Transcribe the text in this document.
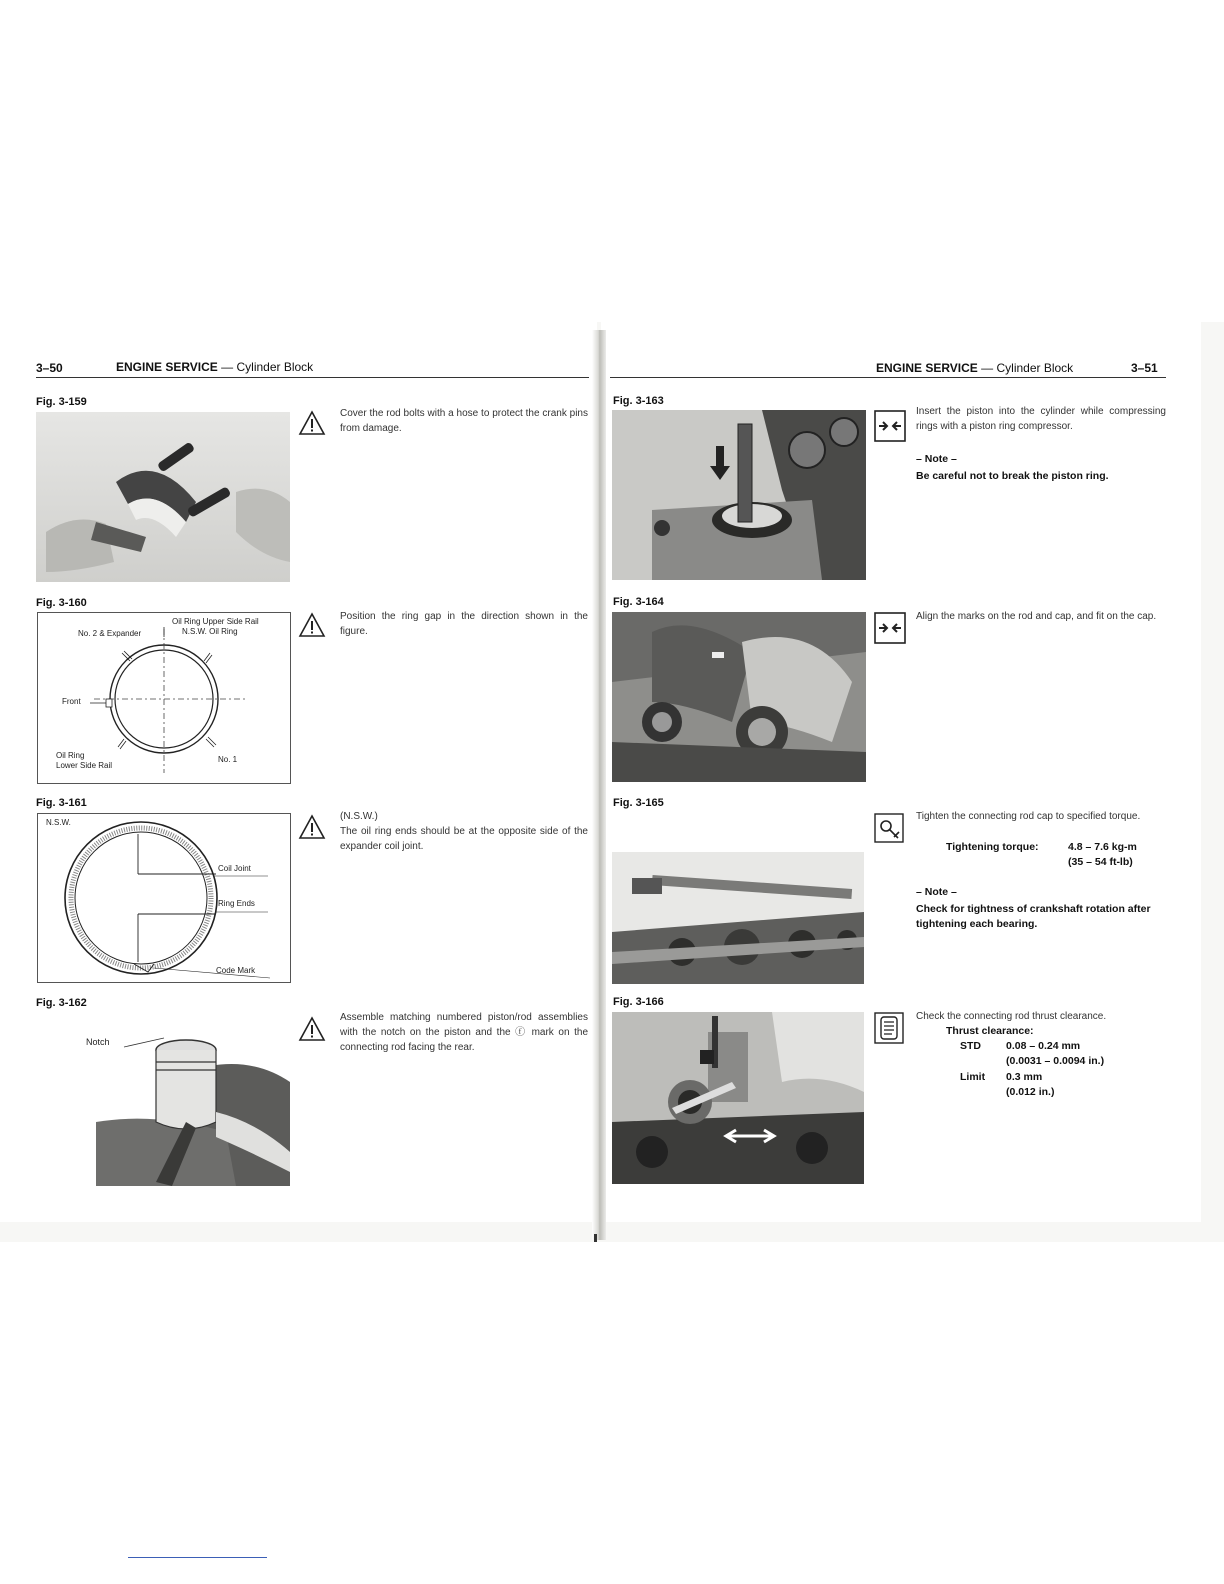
3–50	ENGINE SERVICE — Cylinder Block	ENGINE SERVICE — Cylinder Block	3–51
Fig. 3-159
Cover the rod bolts with a hose to protect the crank pins from damage.
Fig. 3-160
No. 2 & Expander
Oil Ring Upper Side Rail
N.S.W. Oil Ring
Front
Oil Ring
Lower Side Rail
No. 1
Position the ring gap in the direction shown in the figure.
Fig. 3-161
N.S.W.
Coil Joint
Ring Ends
Code Mark
(N.S.W.)
The oil ring ends should be at the opposite side of the expander coil joint.
Fig. 3-162
Notch
Assemble matching numbered piston/rod assemblies with the notch on the piston and the ⓕ mark on the connecting rod facing the rear.
Fig. 3-163
Insert the piston into the cylinder while compressing rings with a piston ring compressor.
– Note –
Be careful not to break the piston ring.
Fig. 3-164
Align the marks on the rod and cap, and fit on the cap.
Fig. 3-165
Tighten the connecting rod cap to specified torque.
Tightening torque:	4.8 – 7.6 kg-m
(35 – 54 ft-lb)
– Note –
Check for tightness of crankshaft rotation after tightening each bearing.
Fig. 3-166
Check the connecting rod thrust clearance.
Thrust clearance:
STD 0.08 – 0.24 mm
(0.0031 – 0.0094 in.)
Limit 0.3 mm
(0.012 in.)
